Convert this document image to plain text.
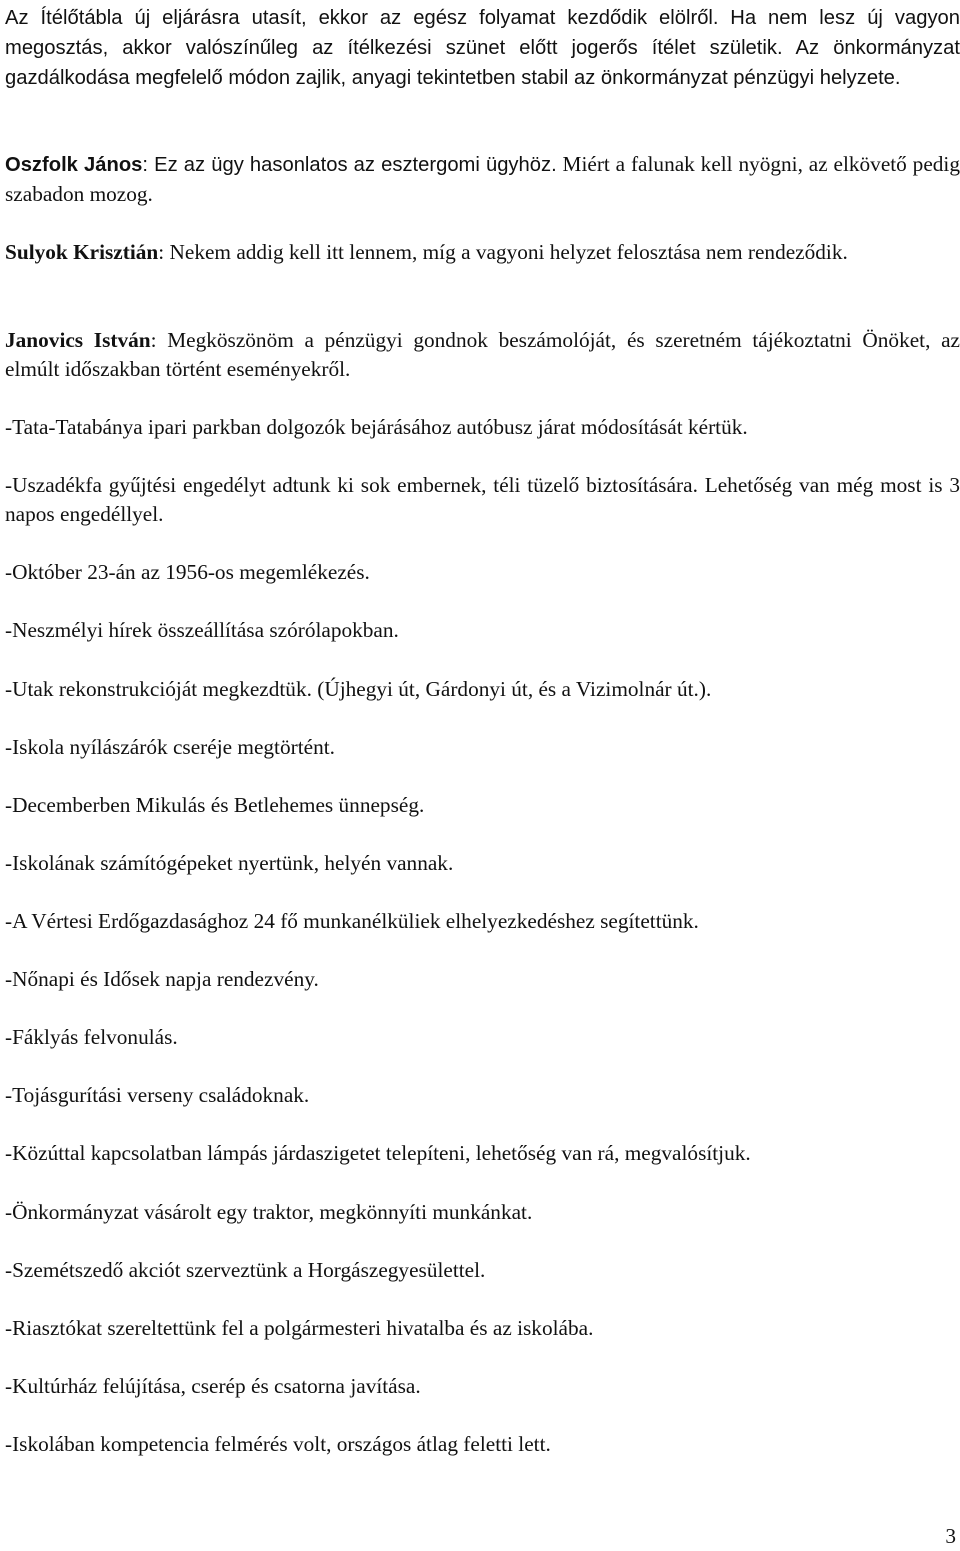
Az Ítélőtábla új eljárásra utasít, ekkor az egész folyamat kezdődik elölről. Ha nem lesz új vagyon megosztás, akkor valószínűleg az ítélkezési szünet előtt jogerős ítélet születik. Az önkormányzat gazdálkodása megfelelő módon zajlik, anyagi tekintetben stabil az önkormányzat pénzügyi helyzete.

Oszfolk János: Ez az ügy hasonlatos az esztergomi ügyhöz. Miért a falunak kell nyögni, az elkövető pedig szabadon mozog.

Sulyok Krisztián: Nekem addig kell itt lennem, míg a vagyoni helyzet felosztása nem rendeződik.

Janovics István: Megköszönöm a pénzügyi gondnok beszámolóját, és szeretném tájékoztatni Önöket, az elmúlt időszakban történt eseményekről.

-Tata-Tatabánya ipari parkban dolgozók bejárásához autóbusz járat módosítását kértük.

-Uszadékfa gyűjtési engedélyt adtunk ki sok embernek, téli tüzelő biztosítására. Lehetőség van még most is 3 napos engedéllyel.

-Október 23-án az 1956-os megemlékezés.

-Neszmélyi hírek összeállítása szórólapokban.

-Utak rekonstrukcióját megkezdtük. (Újhegyi út, Gárdonyi út, és a Vizimolnár út.).

-Iskola nyílászárók cseréje megtörtént.

-Decemberben Mikulás és Betlehemes ünnepség.

-Iskolának számítógépeket nyertünk, helyén vannak.

-A Vértesi Erdőgazdasághoz 24 fő munkanélküliek elhelyezkedéshez segítettünk.

-Nőnapi és Idősek napja rendezvény.

-Fáklyás felvonulás.

-Tojásgurítási verseny családoknak.

-Közúttal kapcsolatban lámpás járdaszigetet telepíteni, lehetőség van rá, megvalósítjuk.

-Önkormányzat vásárolt egy traktor, megkönnyíti munkánkat.

-Szemétszedő akciót szerveztünk a Horgászegyesülettel.

-Riasztókat szereltettünk fel a polgármesteri hivatalba és az iskolába.

-Kultúrház felújítása, cserép és csatorna javítása.

-Iskolában kompetencia felmérés volt, országos átlag feletti lett.

3
